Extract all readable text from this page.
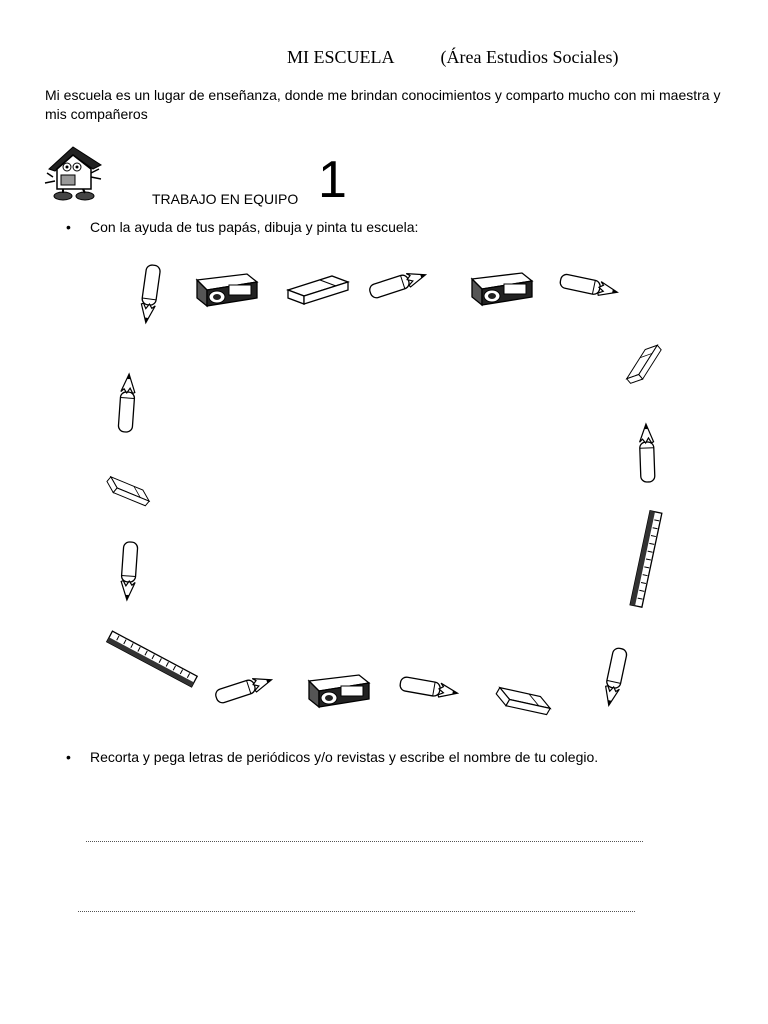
MI ESCUELA	(Área Estudios Sociales)
Mi escuela es un lugar de enseñanza, donde me brindan conocimientos y comparto mucho con mi maestra y mis compañeros
TRABAJO EN EQUIPO 1
•	Con la ayuda de tus papás, dibuja y pinta tu escuela:
•	Recorta y pega letras de periódicos y/o revistas y escribe el nombre de tu colegio.
